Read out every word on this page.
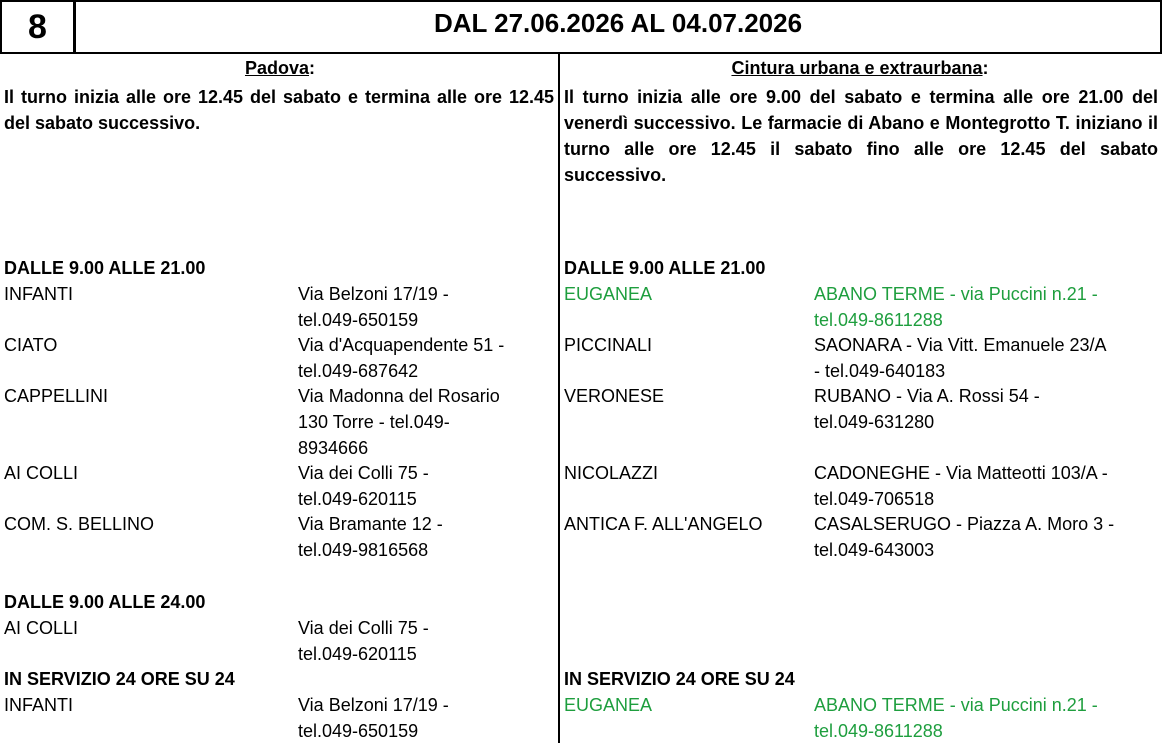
8	DAL 27.06.2026 AL 04.07.2026
Padova:
Il turno inizia alle ore 12.45 del sabato e termina alle ore 12.45 del sabato successivo.
DALLE 9.00 ALLE 21.00
INFANTI	Via Belzoni 17/19 -
tel.049-650159
CIATO	Via d'Acquapendente 51 -
tel.049-687642
CAPPELLINI	Via Madonna del Rosario
130 Torre - tel.049-
8934666
AI COLLI	Via dei Colli 75 -
tel.049-620115
COM. S. BELLINO	Via Bramante 12 -
tel.049-9816568
DALLE 9.00 ALLE 24.00
AI COLLI	Via dei Colli 75 -
tel.049-620115
IN SERVIZIO 24 ORE SU 24
INFANTI	Via Belzoni 17/19 -
tel.049-650159
Cintura urbana e extraurbana:
Il turno inizia alle ore 9.00 del sabato e termina alle ore 21.00 del venerdì successivo. Le farmacie di Abano e Montegrotto T. iniziano il turno alle ore 12.45 il sabato fino alle ore 12.45 del sabato successivo.
DALLE 9.00 ALLE 21.00
EUGANEA	ABANO TERME - via Puccini n.21 -
tel.049-8611288
PICCINALI	SAONARA - Via Vitt. Emanuele 23/A
- tel.049-640183
VERONESE	RUBANO - Via A. Rossi 54 -
tel.049-631280
NICOLAZZI	CADONEGHE - Via Matteotti 103/A -
tel.049-706518
ANTICA F. ALL'ANGELO	CASALSERUGO - Piazza A. Moro 3 -
tel.049-643003
IN SERVIZIO 24 ORE SU 24
EUGANEA	ABANO TERME - via Puccini n.21 -
tel.049-8611288
